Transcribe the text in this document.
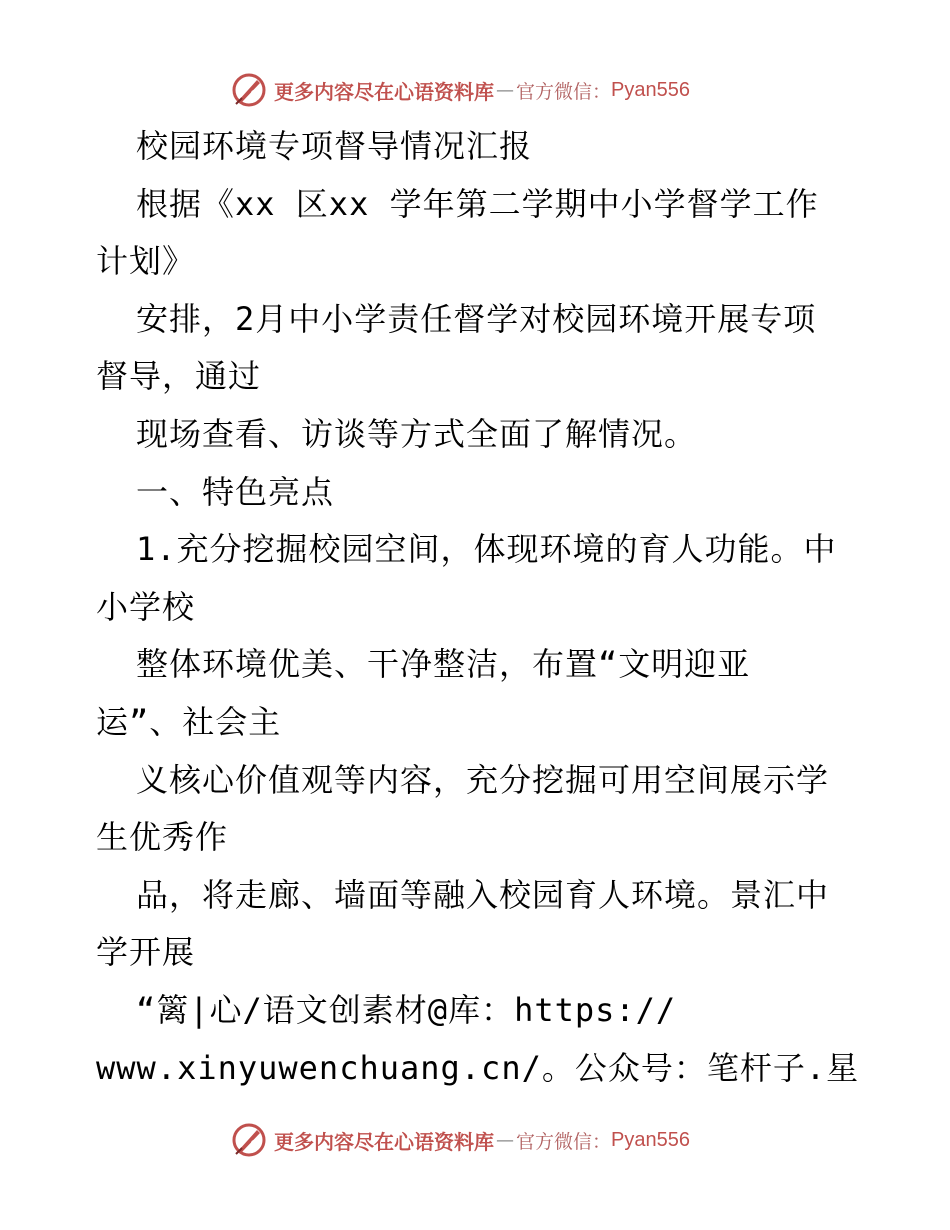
更多内容尽在心语资料库 — 官方微信： Pyan556
校园环境专项督导情况汇报
根据《xx 区xx 学年第二学期中小学督学工作
计划》
安排，2月中小学责任督学对校园环境开展专项
督导，通过
现场查看、访谈等方式全面了解情况。
一、特色亮点
1.充分挖掘校园空间，体现环境的育人功能。中
小学校
整体环境优美、干净整洁，布置“文明迎亚
运”、社会主
义核心价值观等内容，充分挖掘可用空间展示学
生优秀作
品，将走廊、墙面等融入校园育人环境。景汇中
学开展
“篱|心/语文创素材@库：https://
www.xinyuwenchuang.cn/。公众号：笔杆子.星
更多内容尽在心语资料库 — 官方微信： Pyan556
